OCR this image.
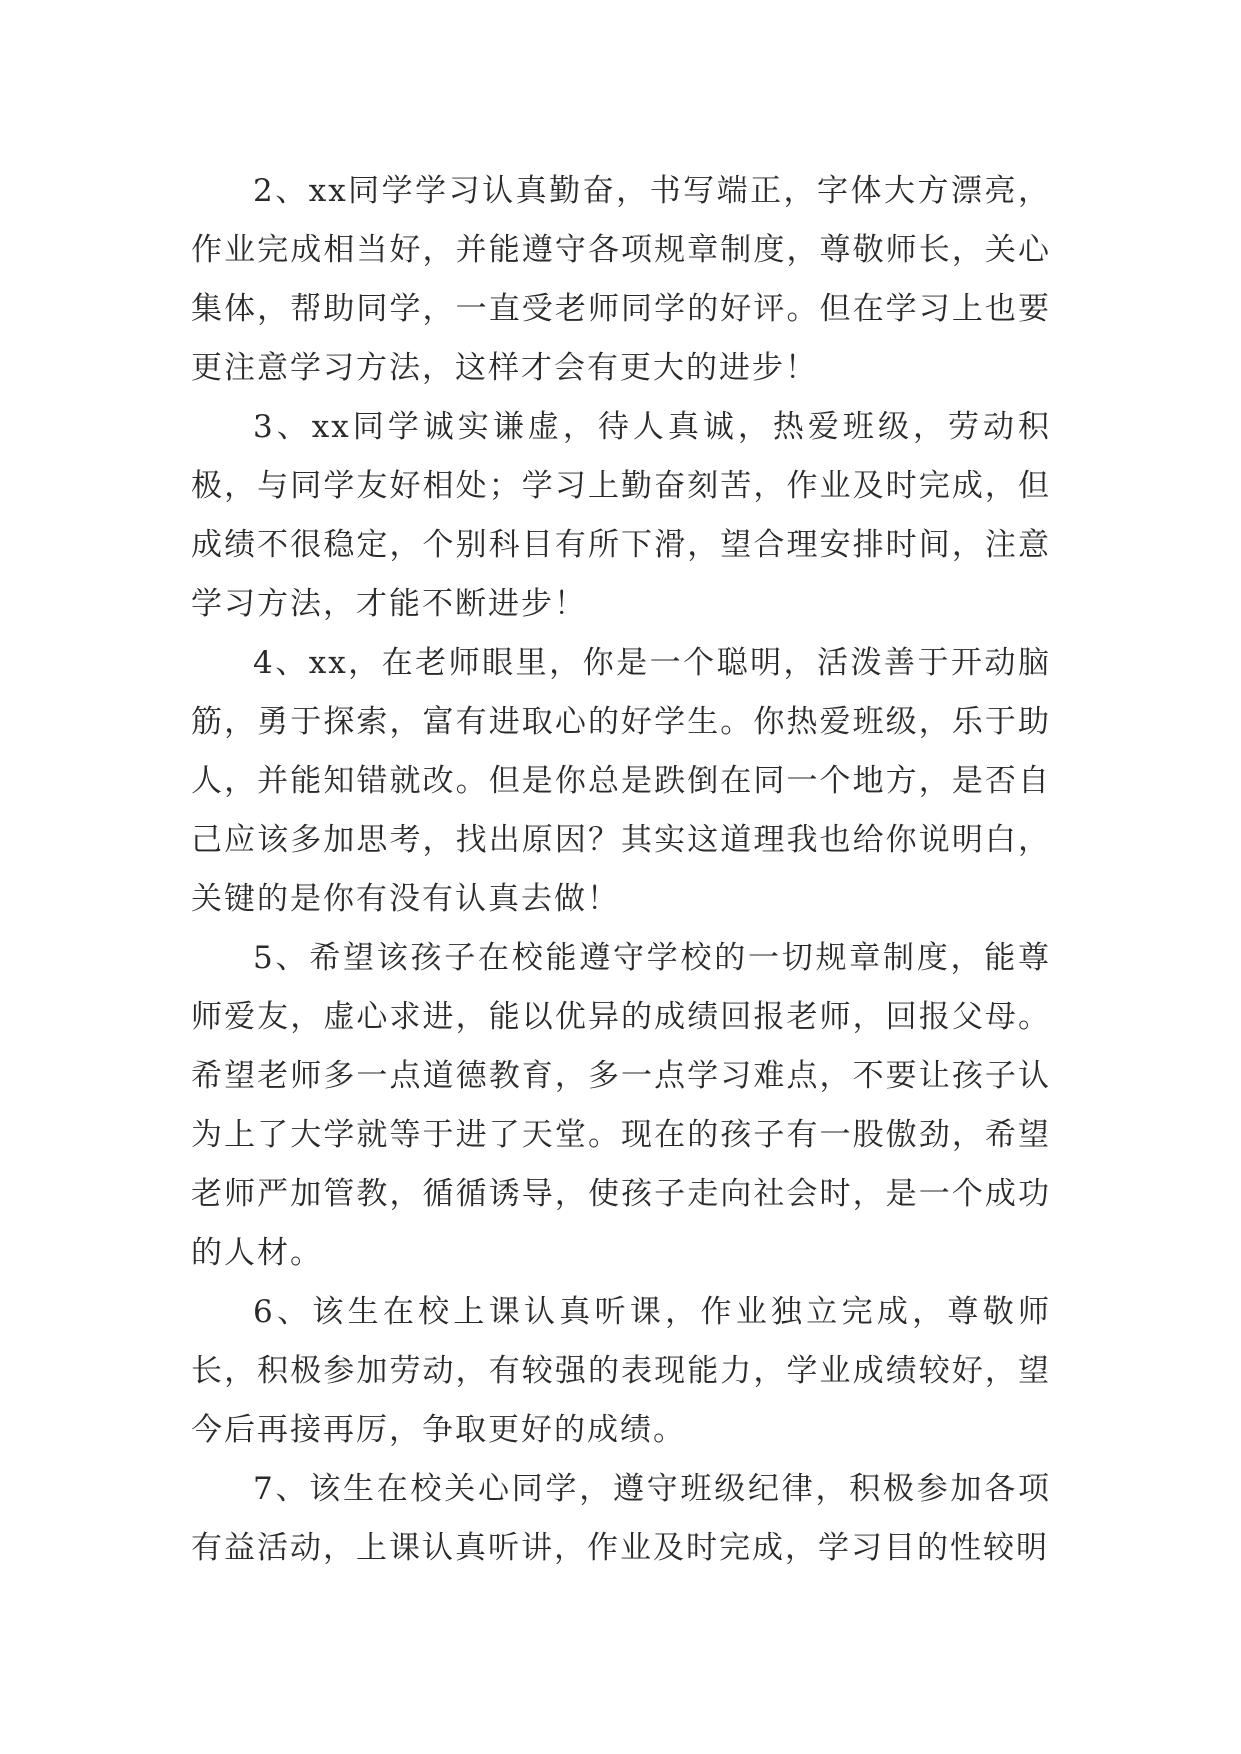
2、xx同学学习认真勤奋，书写端正，字体大方漂亮，作业完成相当好，并能遵守各项规章制度，尊敬师长，关心集体，帮助同学，一直受老师同学的好评。但在学习上也要更注意学习方法，这样才会有更大的进步！

3、xx同学诚实谦虚，待人真诚，热爱班级，劳动积极，与同学友好相处；学习上勤奋刻苦，作业及时完成，但成绩不很稳定，个别科目有所下滑，望合理安排时间，注意学习方法，才能不断进步！

4、xx，在老师眼里，你是一个聪明，活泼善于开动脑筋，勇于探索，富有进取心的好学生。你热爱班级，乐于助人，并能知错就改。但是你总是跌倒在同一个地方，是否自己应该多加思考，找出原因？其实这道理我也给你说明白，关键的是你有没有认真去做！

5、希望该孩子在校能遵守学校的一切规章制度，能尊师爱友，虚心求进，能以优异的成绩回报老师，回报父母。希望老师多一点道德教育，多一点学习难点，不要让孩子认为上了大学就等于进了天堂。现在的孩子有一股傲劲，希望老师严加管教，循循诱导，使孩子走向社会时，是一个成功的人材。

6、该生在校上课认真听课，作业独立完成，尊敬师长，积极参加劳动，有较强的表现能力，学业成绩较好，望今后再接再厉，争取更好的成绩。

7、该生在校关心同学，遵守班级纪律，积极参加各项有益活动，上课认真听讲，作业及时完成，学习目的性较明
